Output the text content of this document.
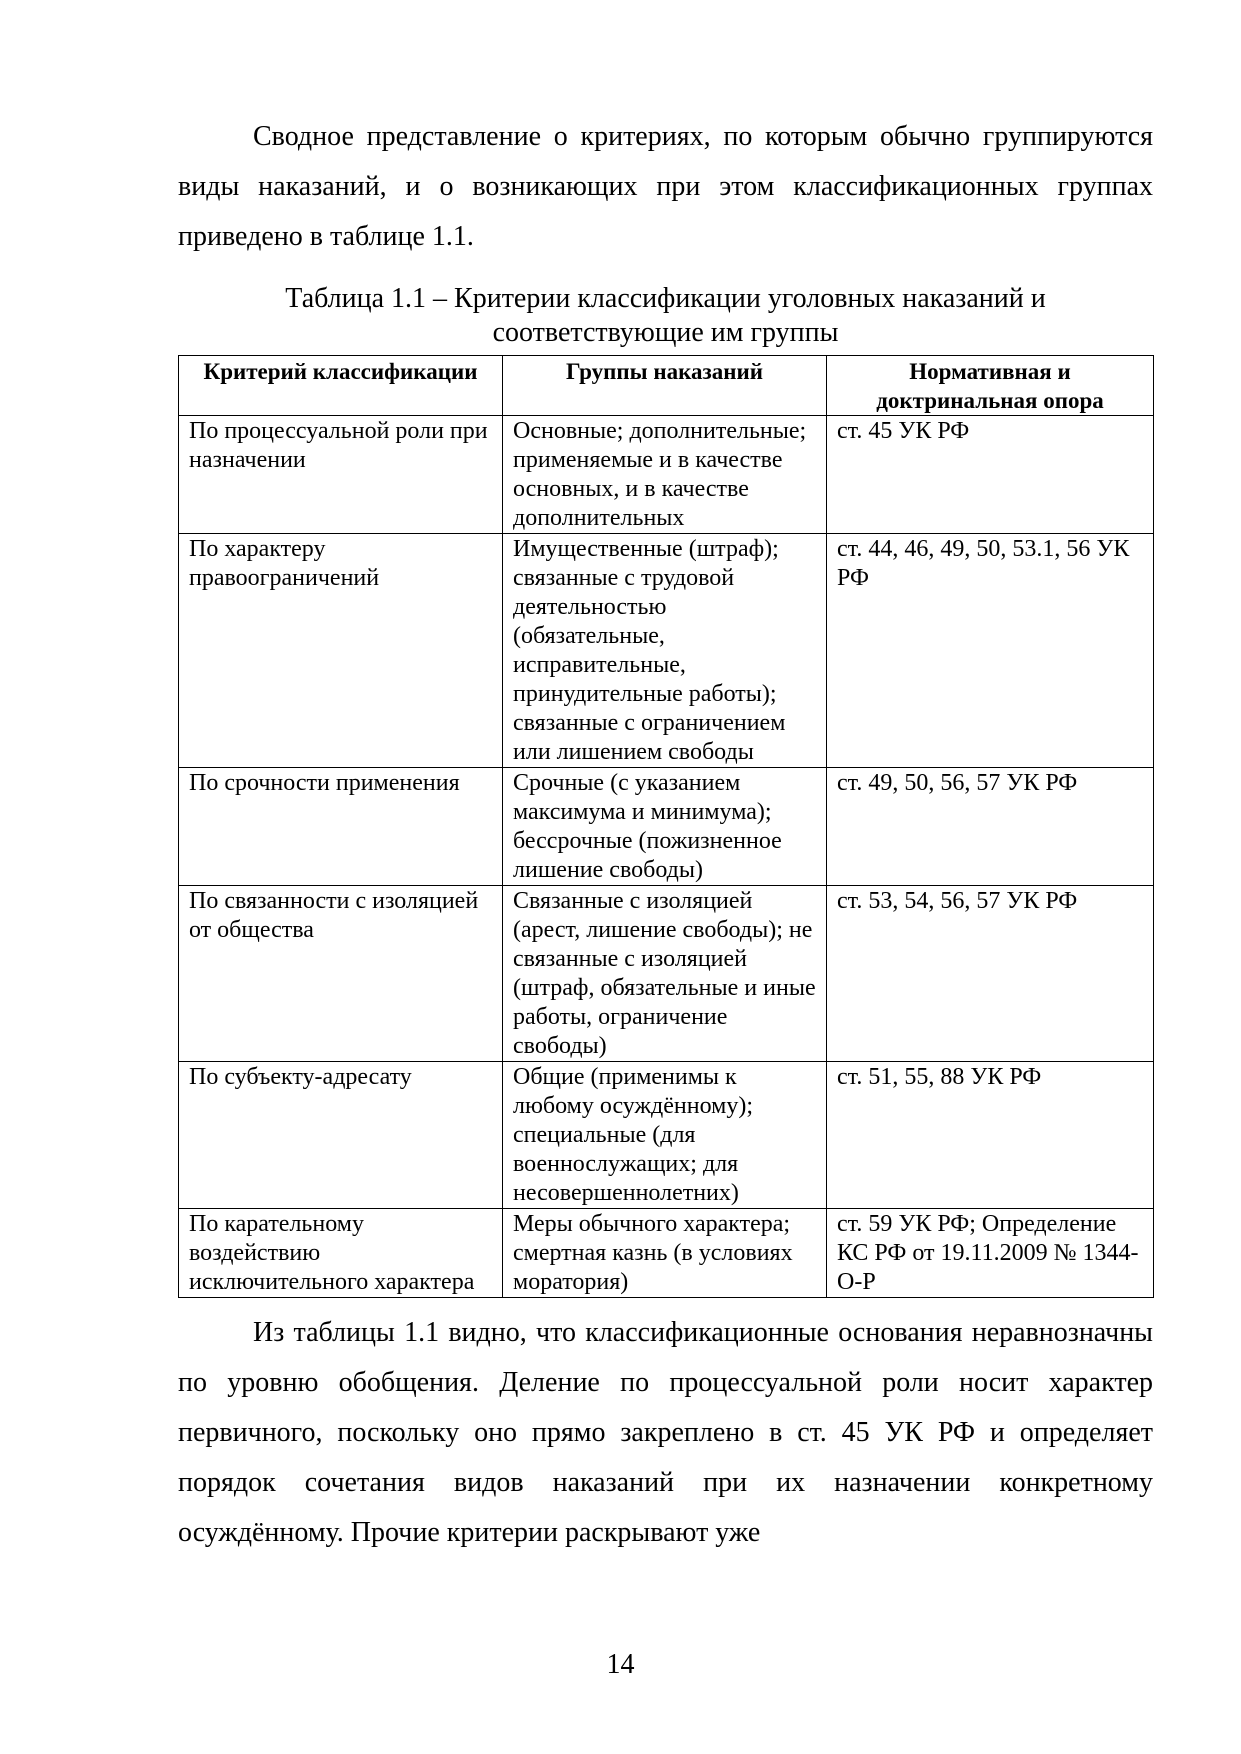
Сводное представление о критериях, по которым обычно группируются виды наказаний, и о возникающих при этом классификационных группах приведено в таблице 1.1.

Таблица 1.1 – Критерии классификации уголовных наказаний и
соответствующие им группы
Критерий классификации	Группы наказаний	Нормативная и доктринальная опора
По процессуальной роли при назначении	Основные; дополнительные; применяемые и в качестве основных, и в качестве дополнительных	ст. 45 УК РФ
По характеру правоограничений	Имущественные (штраф); связанные с трудовой деятельностью (обязательные, исправительные, принудительные работы); связанные с ограничением или лишением свободы	ст. 44, 46, 49, 50, 53.1, 56 УК РФ
По срочности применения	Срочные (с указанием максимума и минимума); бессрочные (пожизненное лишение свободы)	ст. 49, 50, 56, 57 УК РФ
По связанности с изоляцией от общества	Связанные с изоляцией (арест, лишение свободы); не связанные с изоляцией (штраф, обязательные и иные работы, ограничение свободы)	ст. 53, 54, 56, 57 УК РФ
По субъекту-адресату	Общие (применимы к любому осуждённому); специальные (для военнослужащих; для несовершеннолетних)	ст. 51, 55, 88 УК РФ
По карательному воздействию исключительного характера	Меры обычного характера; смертная казнь (в условиях моратория)	ст. 59 УК РФ; Определение КС РФ от 19.11.2009 № 1344-О-Р

Из таблицы 1.1 видно, что классификационные основания неравнозначны по уровню обобщения. Деление по процессуальной роли носит характер первичного, поскольку оно прямо закреплено в ст. 45 УК РФ и определяет порядок сочетания видов наказаний при их назначении конкретному осуждённому. Прочие критерии раскрывают уже

14
